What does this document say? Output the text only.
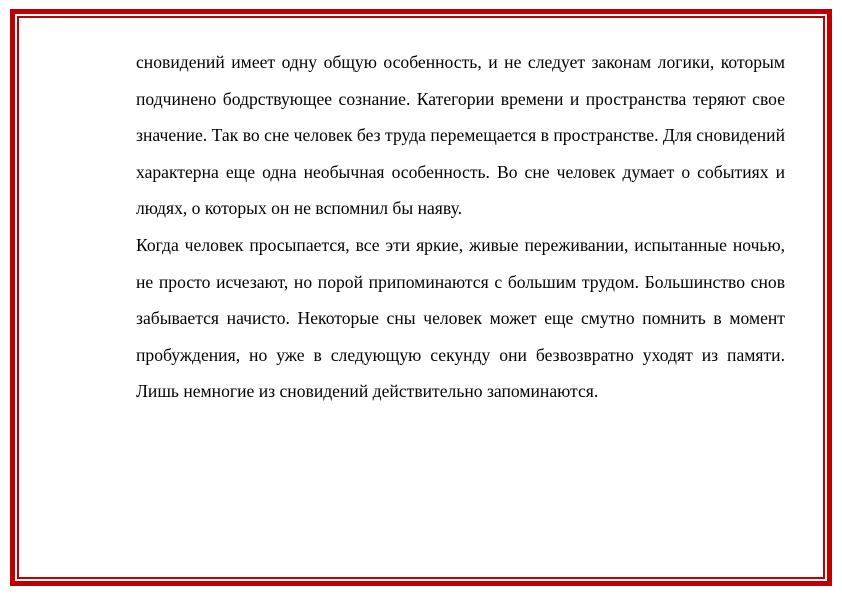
сновидений имеет одну общую особенность, и не следует законам логики, которым подчинено бодрствующее сознание. Категории времени и пространства теряют свое значение. Так во сне человек без труда перемещается в пространстве. Для сновидений характерна еще одна необычная особенность. Во сне человек думает о событиях и людях, о которых он не вспомнил бы наяву.

Когда человек просыпается, все эти яркие, живые переживании, испытанные ночью, не просто исчезают, но порой припоминаются с большим трудом. Большинство снов забывается начисто. Некоторые сны человек может еще смутно помнить в момент пробуждения, но уже в следующую секунду они безвозвратно уходят из памяти. Лишь немногие из сновидений действительно запоминаются.
